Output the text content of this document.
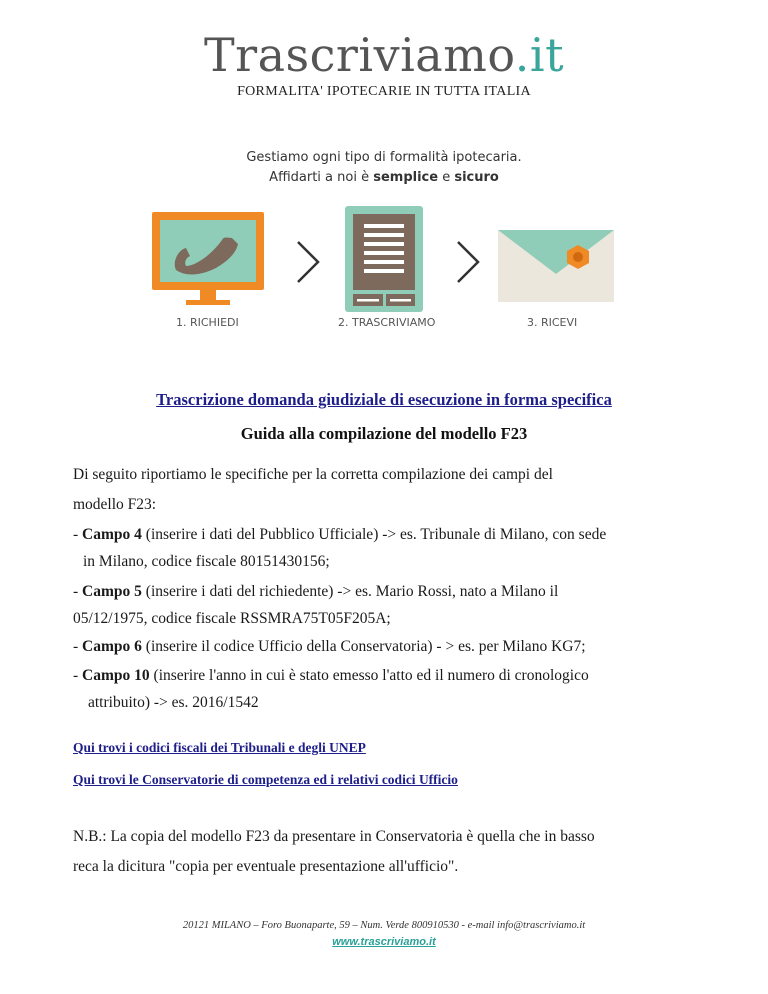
Trascriviamo.it
FORMALITA' IPOTECARIE IN TUTTA ITALIA
Gestiamo ogni tipo di formalità ipotecaria.
Affidarti a noi è semplice e sicuro
1. RICHIEDI	2. TRASCRIVIAMO	3. RICEVI
Trascrizione domanda giudiziale di esecuzione in forma specifica
Guida alla compilazione del modello F23
Di seguito riportiamo le specifiche per la corretta compilazione dei campi del
modello F23:
- Campo 4 (inserire i dati del Pubblico Ufficiale) -> es. Tribunale di Milano, con sede
in Milano, codice fiscale 80151430156;
- Campo 5 (inserire i dati del richiedente) -> es. Mario Rossi, nato a Milano il
05/12/1975, codice fiscale RSSMRA75T05F205A;
- Campo 6 (inserire il codice Ufficio della Conservatoria) - > es. per Milano KG7;
- Campo 10 (inserire l'anno in cui è stato emesso l'atto ed il numero di cronologico
attribuito) -> es. 2016/1542
Qui trovi i codici fiscali dei Tribunali e degli UNEP
Qui trovi le Conservatorie di competenza ed i relativi codici Ufficio
N.B.: La copia del modello F23 da presentare in Conservatoria è quella che in basso
reca la dicitura "copia per eventuale presentazione all'ufficio".
20121 MILANO – Foro Buonaparte, 59 – Num. Verde 800910530 - e-mail info@trascriviamo.it
www.trascriviamo.it
